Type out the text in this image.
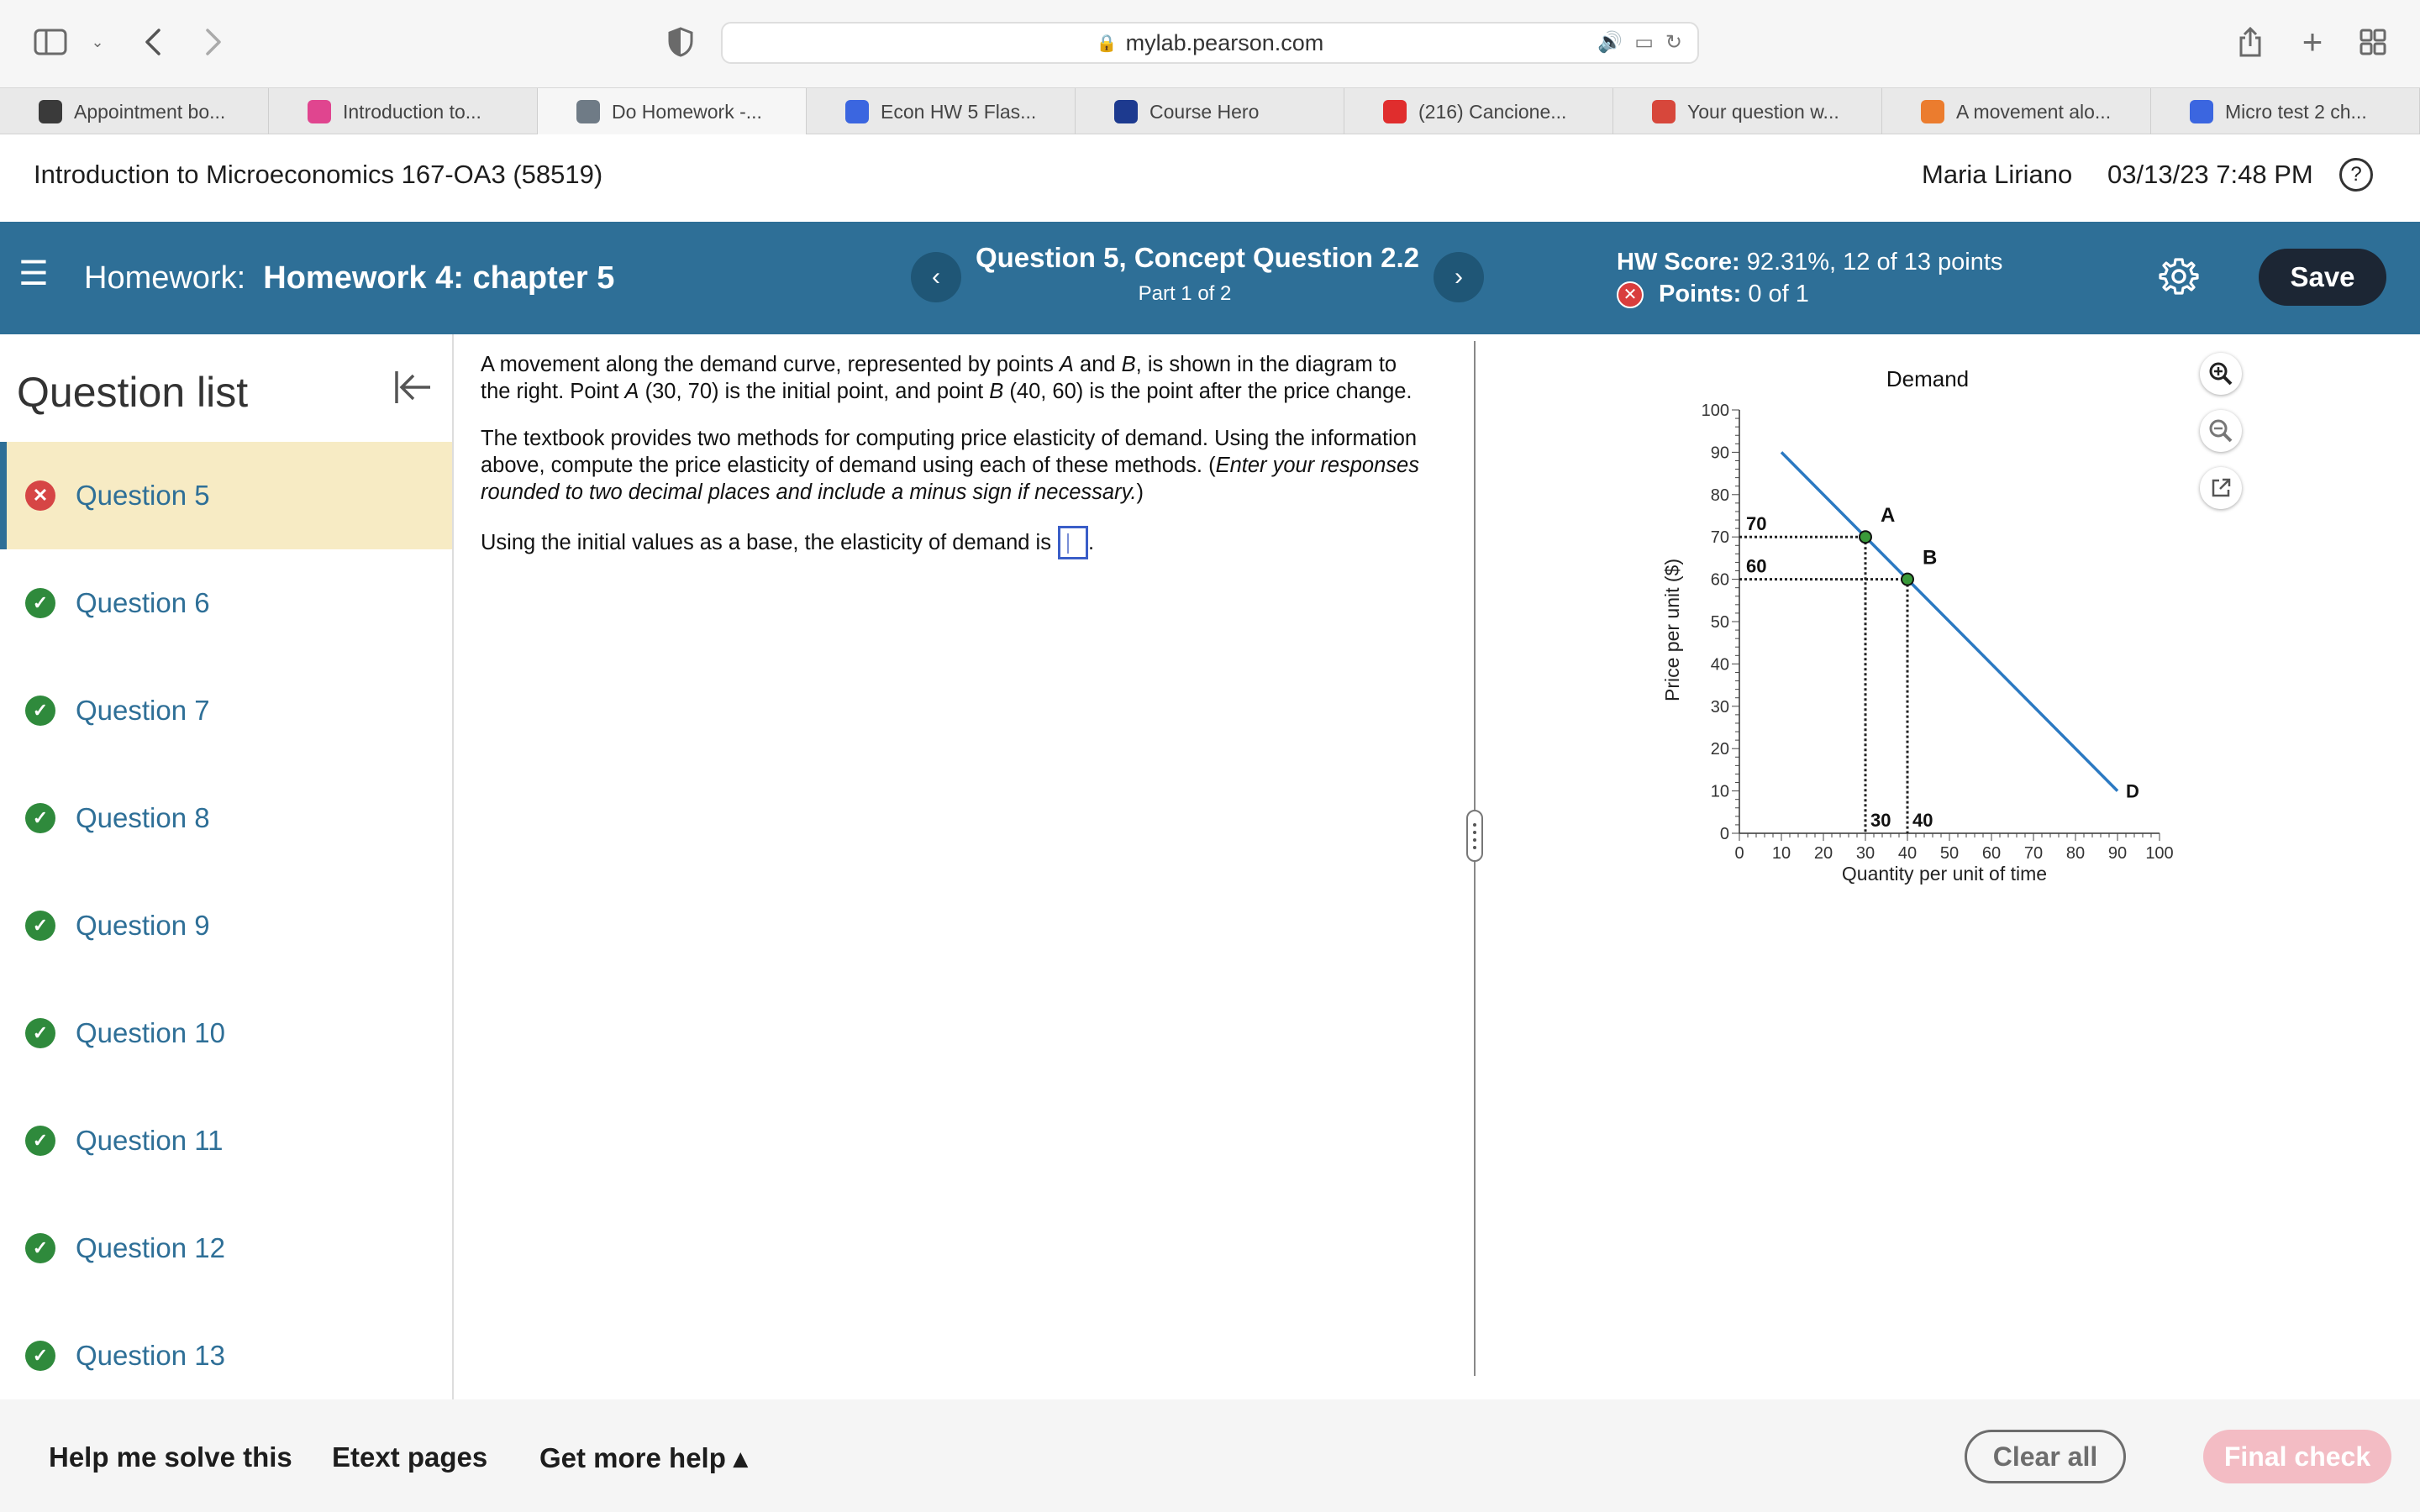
⌄	🔒 mylab.pearson.com	🔊 ▭ ↻	+
Appointment bo...	Introduction to...	Do Homework -...	Econ HW 5 Flas...	Course Hero	(216) Cancione...	Your question w...	A movement alo...	Micro test 2 ch...
Introduction to Microeconomics 167-OA3 (58519)	Maria Liriano 03/13/23 7:48 PM	?
☰ Homework: Homework 4: chapter 5	‹
Question 5, Concept Question 2.2
Part 1 of 2
›
HW Score: 92.31%, 12 of 13 points
✕ Points:
0 of 1
Save
Question list
✕ Question 5
✓ Question 6
✓ Question 7
✓ Question 8
✓ Question 9
✓ Question 10
✓ Question 11
✓ Question 12
✓ Question 13

A movement along the demand curve, represented by points A and B, is shown in the diagram to the right. Point A (30, 70) is the initial point, and point B (40, 60) is the point after the price change.

The textbook provides two methods for computing price elasticity of demand. Using the information above, compute the price elasticity of demand using each of these methods. (Enter your responses rounded to two decimal places and include a minus sign if necessary.)

Using the initial values as a base, the elasticity of demand is .
Demand
0 10 20 30 40 50 60 70 80 90 100
0
10
20
30
40
50
60
70
80
90
100
Quantity per unit of time
Price per unit ($)
D
A
B
70
60
30 40
Help me solve this Etext pages Get more help ▴	Clear all	Final check
